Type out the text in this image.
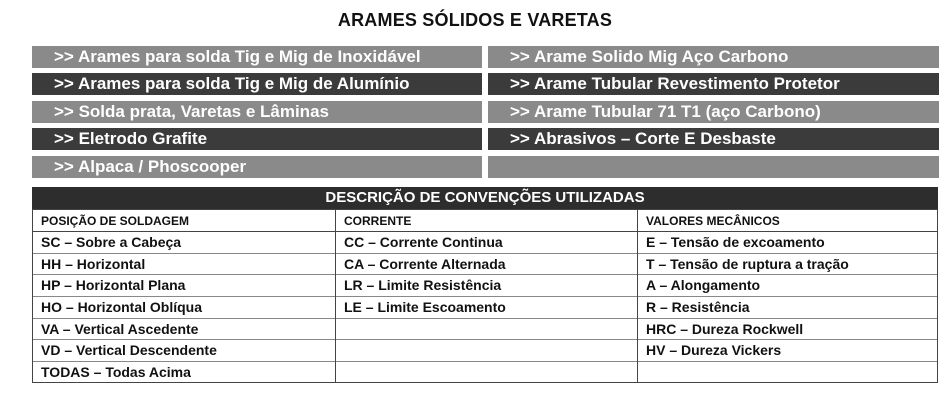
ARAMES SÓLIDOS E VARETAS
>> Arames para solda Tig e Mig de Inoxidável
>> Arames para solda Tig e Mig de Alumínio
>> Solda prata, Varetas e Lâminas
>> Eletrodo Grafite
>> Alpaca / Phoscooper
>> Arame Solido Mig Aço Carbono
>> Arame Tubular Revestimento Protetor
>> Arame Tubular 71 T1 (aço Carbono)
>> Abrasivos – Corte E Desbaste
DESCRIÇÃO DE CONVENÇÕES UTILIZADAS
POSIÇÃO DE SOLDAGEM	CORRENTE	VALORES MECÂNICOS
SC – Sobre a Cabeça
HH – Horizontal
HP – Horizontal Plana
HO – Horizontal Oblíqua
VA – Vertical Ascedente
VD – Vertical Descendente
TODAS – Todas Acima
CC – Corrente Continua
CA – Corrente Alternada
LR – Limite Resistência
LE – Limite Escoamento
E – Tensão de excoamento
T – Tensão de ruptura a tração
A – Alongamento
R – Resistência
HRC – Dureza Rockwell
HV – Dureza Vickers
